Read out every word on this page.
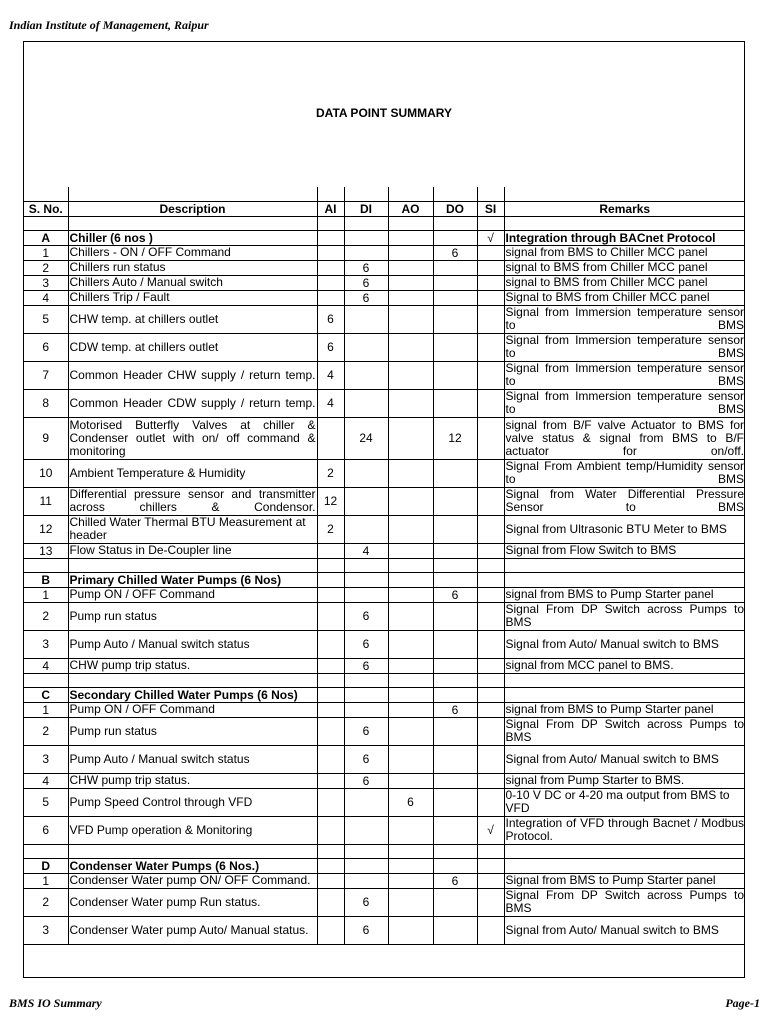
Indian Institute of Management, Raipur
DATA POINT SUMMARY

S. No.	Description	AI	DI	AO	DO	SI	Remarks

A	Chiller (6 nos )					√	Integration through BACnet Protocol
1	Chillers - ON / OFF Command				6		signal from BMS to Chiller MCC panel
2	Chillers run status		6				signal to BMS from Chiller MCC panel
3	Chillers Auto / Manual switch		6				signal to BMS from Chiller MCC panel
4	Chillers Trip / Fault		6				Signal to BMS from Chiller MCC panel
5	CHW temp. at chillers outlet	6					Signal from Immersion temperature sensor to BMS
6	CDW temp. at chillers outlet	6					Signal from Immersion temperature sensor to BMS
7	Common Header CHW supply / return temp.	4					Signal from Immersion temperature sensor to BMS
8	Common Header CDW supply / return temp.	4					Signal from Immersion temperature sensor to BMS
9	Motorised Butterfly Valves at chiller & Condenser outlet with on/ off command & monitoring		24		12		signal from B/F valve Actuator to BMS for valve status & signal from BMS to B/F actuator for on/off.
10	Ambient Temperature & Humidity	2					Signal From Ambient temp/Humidity sensor to BMS
11	Differential pressure sensor and transmitter across chillers & Condensor.	12					Signal from Water Differential Pressure Sensor to BMS
12	Chilled Water Thermal BTU Measurement at header	2					Signal from Ultrasonic BTU Meter to BMS
13	Flow Status in De-Coupler line		4				Signal from Flow Switch to BMS

B	Primary Chilled Water Pumps (6 Nos)						
1	Pump ON / OFF Command				6		signal from BMS to Pump Starter panel
2	Pump run status		6				Signal From DP Switch across Pumps to BMS
3	Pump Auto / Manual switch status		6				Signal from Auto/ Manual switch to BMS
4	CHW pump trip status.		6				signal from MCC panel to BMS.

C	Secondary Chilled Water Pumps (6 Nos)						
1	Pump ON / OFF Command				6		signal from BMS to Pump Starter panel
2	Pump run status		6				Signal From DP Switch across Pumps to BMS
3	Pump Auto / Manual switch status		6				Signal from Auto/ Manual switch to BMS
4	CHW pump trip status.		6				signal from Pump Starter to BMS.
5	Pump Speed Control through VFD			6			0-10 V DC or 4-20 ma output from BMS to VFD
6	VFD Pump operation & Monitoring					√	Integration of VFD through Bacnet / Modbus Protocol.

D	Condenser Water Pumps (6 Nos.)						
1	Condenser Water pump ON/ OFF Command.				6		Signal from BMS to Pump Starter panel
2	Condenser Water pump Run status.		6				Signal From DP Switch across Pumps to BMS
3	Condenser Water pump Auto/ Manual status.		6				Signal from Auto/ Manual switch to BMS
BMS IO Summary	Page-1
